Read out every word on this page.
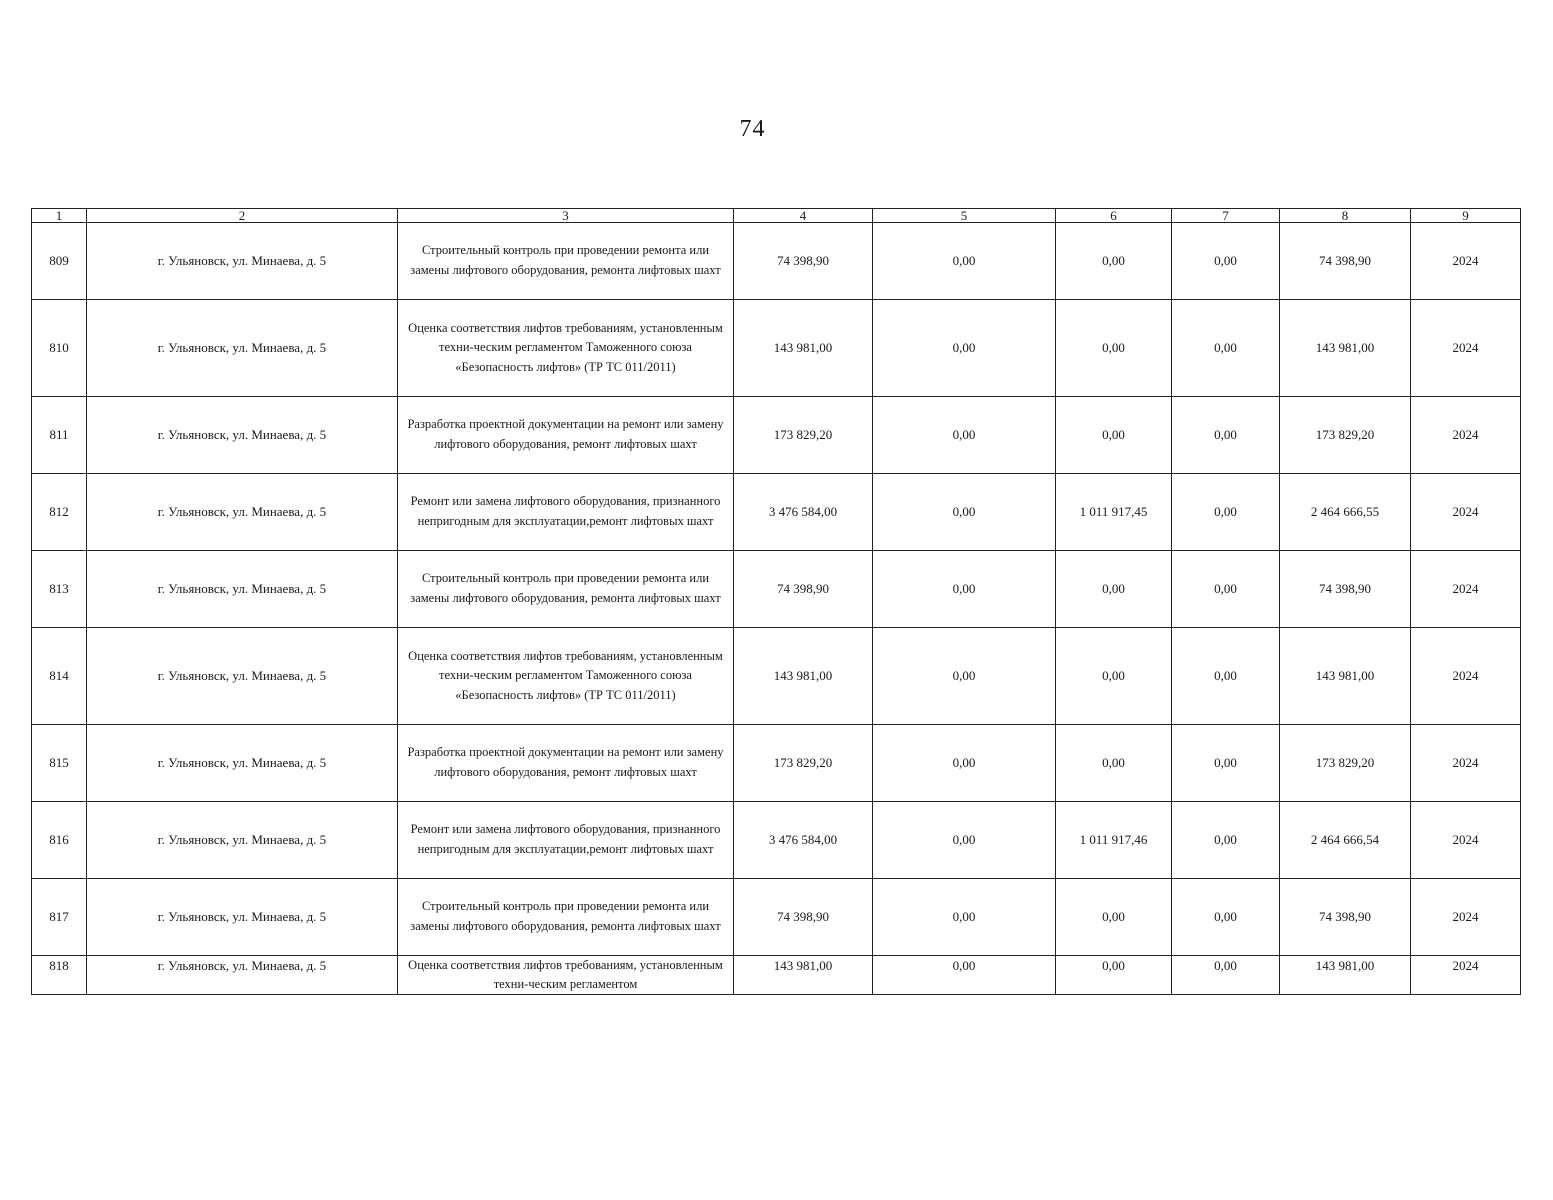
74
1	2	3	4	5	6	7	8	9
809	г. Ульяновск, ул. Минаева, д. 5	Строительный контроль при проведении ремонта или замены лифтового оборудования, ремонта лифтовых шахт	74 398,90	0,00	0,00	0,00	74 398,90	2024
810	г. Ульяновск, ул. Минаева, д. 5	Оценка соответствия лифтов требованиям, установленным техни-ческим регламентом Таможенного союза «Безопасность лифтов» (ТР ТС 011/2011)	143 981,00	0,00	0,00	0,00	143 981,00	2024
811	г. Ульяновск, ул. Минаева, д. 5	Разработка проектной документации на ремонт или замену лифтового оборудования, ремонт лифтовых шахт	173 829,20	0,00	0,00	0,00	173 829,20	2024
812	г. Ульяновск, ул. Минаева, д. 5	Ремонт или замена лифтового оборудования, признанного непригодным для эксплуатации,ремонт лифтовых шахт	3 476 584,00	0,00	1 011 917,45	0,00	2 464 666,55	2024
813	г. Ульяновск, ул. Минаева, д. 5	Строительный контроль при проведении ремонта или замены лифтового оборудования, ремонта лифтовых шахт	74 398,90	0,00	0,00	0,00	74 398,90	2024
814	г. Ульяновск, ул. Минаева, д. 5	Оценка соответствия лифтов требованиям, установленным техни-ческим регламентом Таможенного союза «Безопасность лифтов» (ТР ТС 011/2011)	143 981,00	0,00	0,00	0,00	143 981,00	2024
815	г. Ульяновск, ул. Минаева, д. 5	Разработка проектной документации на ремонт или замену лифтового оборудования, ремонт лифтовых шахт	173 829,20	0,00	0,00	0,00	173 829,20	2024
816	г. Ульяновск, ул. Минаева, д. 5	Ремонт или замена лифтового оборудования, признанного непригодным для эксплуатации,ремонт лифтовых шахт	3 476 584,00	0,00	1 011 917,46	0,00	2 464 666,54	2024
817	г. Ульяновск, ул. Минаева, д. 5	Строительный контроль при проведении ремонта или замены лифтового оборудования, ремонта лифтовых шахт	74 398,90	0,00	0,00	0,00	74 398,90	2024
818	г. Ульяновск, ул. Минаева, д. 5	Оценка соответствия лифтов требованиям, установленным техни-ческим регламентом	143 981,00	0,00	0,00	0,00	143 981,00	2024
